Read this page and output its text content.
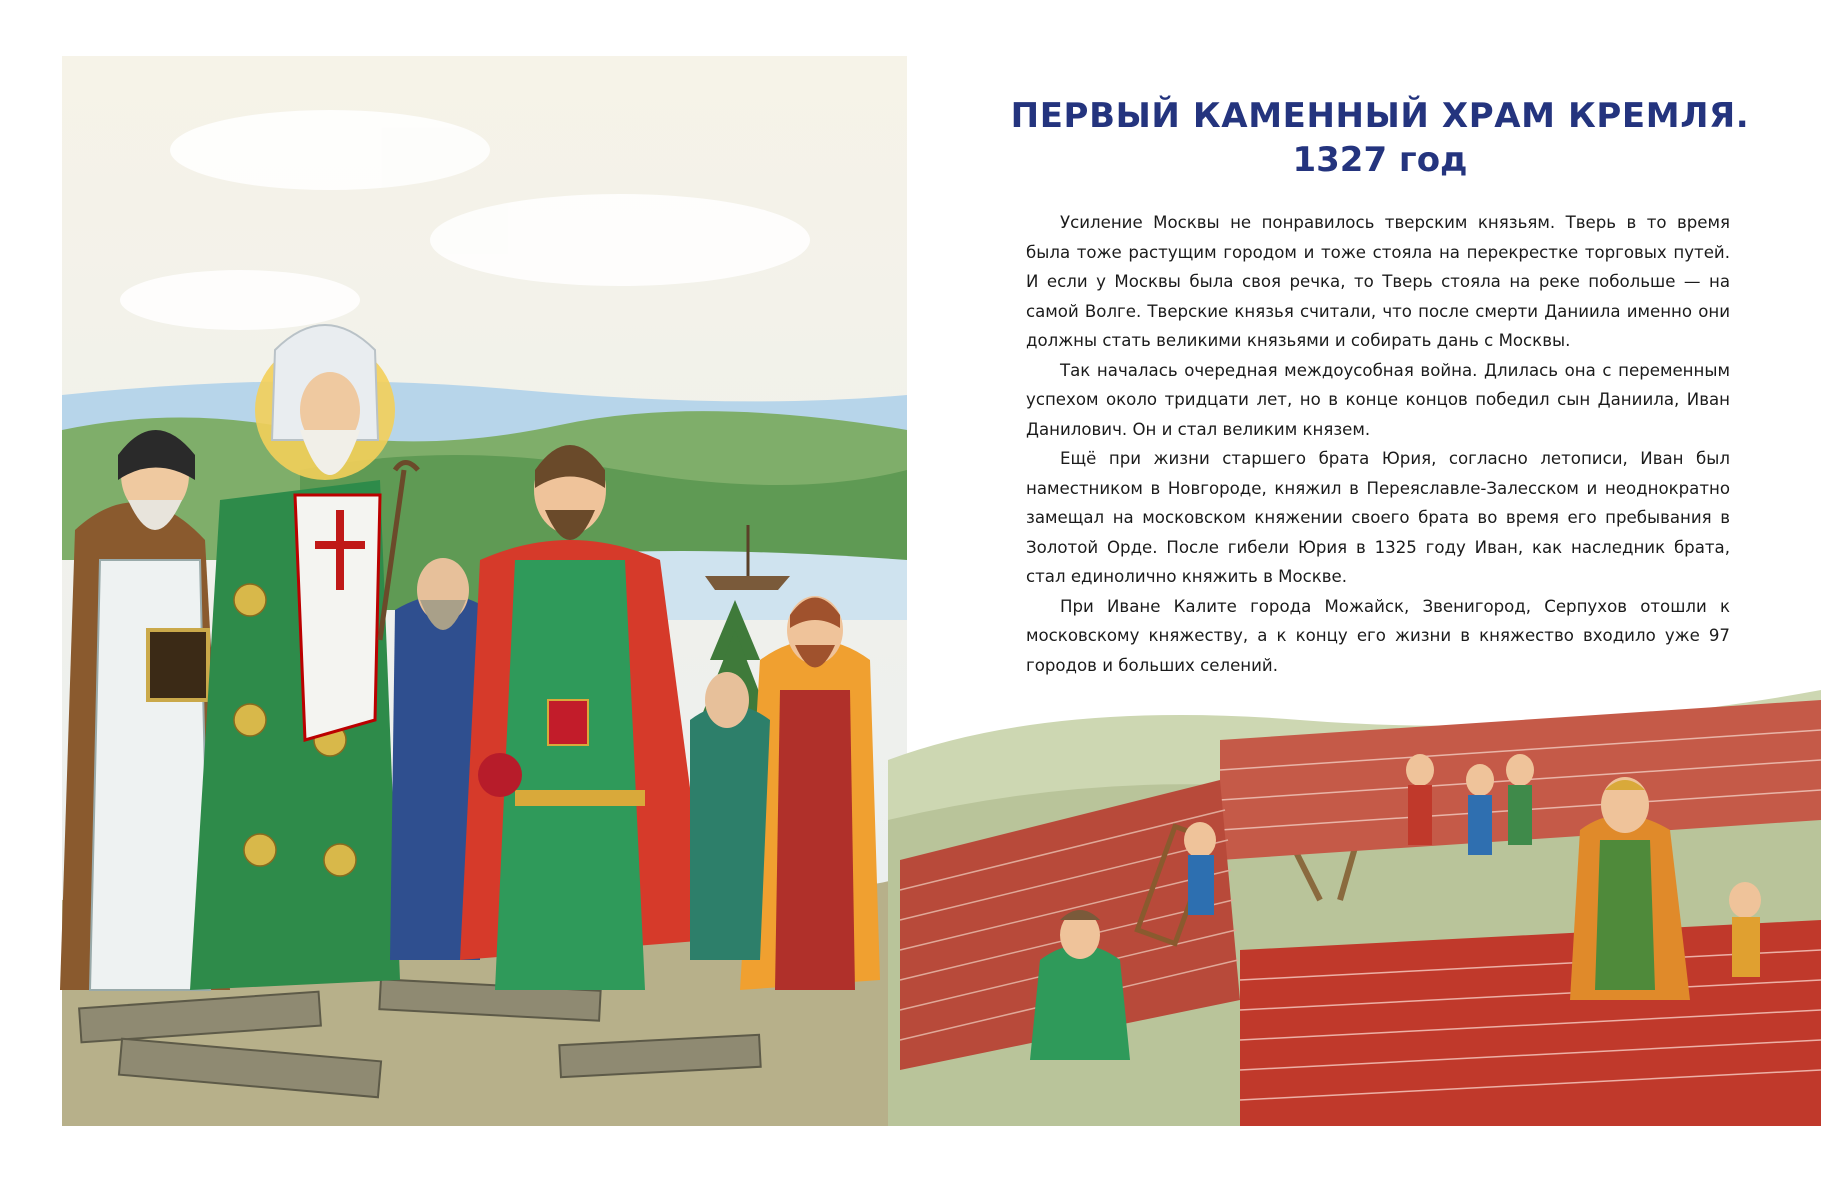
ПЕРВЫЙ КАМЕННЫЙ ХРАМ КРЕМЛЯ.
1327 год

Усиление Москвы не понравилось тверским князьям. Тверь в то время была тоже растущим городом и тоже стояла на перекрестке торговых путей. И если у Москвы была своя речка, то Тверь стояла на реке побольше — на самой Волге. Тверские князья считали, что после смерти Даниила именно они должны стать великими князьями и собирать дань с Москвы.

Так началась очередная междоусобная война. Длилась она с переменным успехом около тридцати лет, но в конце концов победил сын Даниила, Иван Данилович. Он и стал великим князем.

Ещё при жизни старшего брата Юрия, согласно летописи, Иван был наместником в Новгороде, княжил в Переяславле-Залесском и неоднократно замещал на московском княжении своего брата во время его пребывания в Золотой Орде. После гибели Юрия в 1325 году Иван, как наследник брата, стал единолично княжить в Москве.

При Иване Калите города Можайск, Звенигород, Серпухов отошли к московскому княжеству, а к концу его жизни в княжество входило уже 97 городов и больших селений.
